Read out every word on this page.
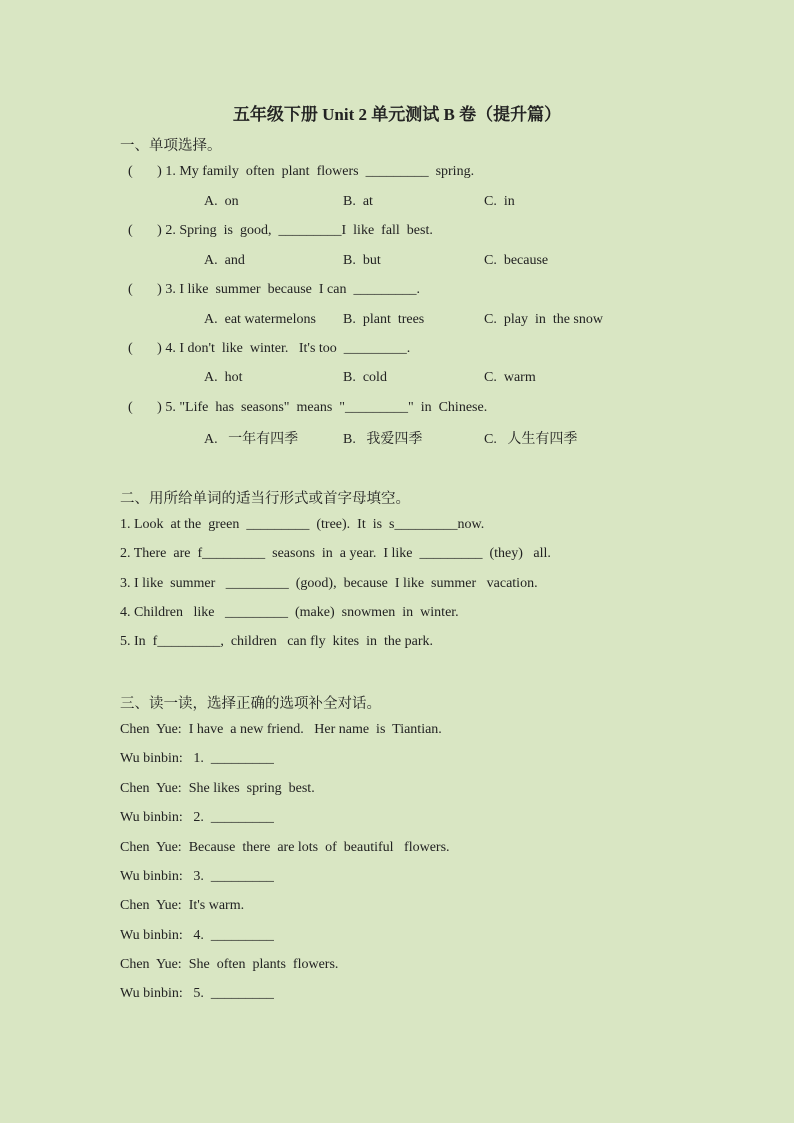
五年级下册 Unit 2 单元测试 B 卷（提升篇）
一、单项选择。
(       ) 1. My family  often  plant  flowers  _________  spring.
A.  on	B.  at	C.  in
(       ) 2. Spring  is  good,  _________I  like  fall  best.
A.  and	B.  but	C.  because
(       ) 3. I like  summer  because  I can  _________.
A.  eat watermelons B.  plant  trees	C.  play  in  the snow
(       ) 4. I don't  like  winter.   It's too  _________.
A.  hot	B.  cold	C.  warm
(       ) 5. "Life  has  seasons"  means  "_________"  in  Chinese.
A.   一年有四季	B.   我爱四季	C.   人生有四季
二、用所给单词的适当行形式或首字母填空。
1. Look  at the  green  _________  (tree).  It  is  s_________now.
2. There  are  f_________  seasons  in  a year.  I like  _________  (they)   all.
3. I like  summer   _________  (good),  because  I like  summer   vacation.
4. Children   like   _________  (make)  snowmen  in  winter.
5. In  f_________,  children   can fly  kites  in  the park.
三、读一读，选择正确的选项补全对话。
Chen  Yue:  I have  a new friend.   Her name  is  Tiantian.
Wu binbin:   1.  _________
Chen  Yue:  She likes  spring  best.
Wu binbin:   2.  _________
Chen  Yue:  Because  there  are lots  of  beautiful   flowers.
Wu binbin:   3.  _________
Chen  Yue:  It's warm.
Wu binbin:   4.  _________
Chen  Yue:  She  often  plants  flowers.
Wu binbin:   5.  _________
